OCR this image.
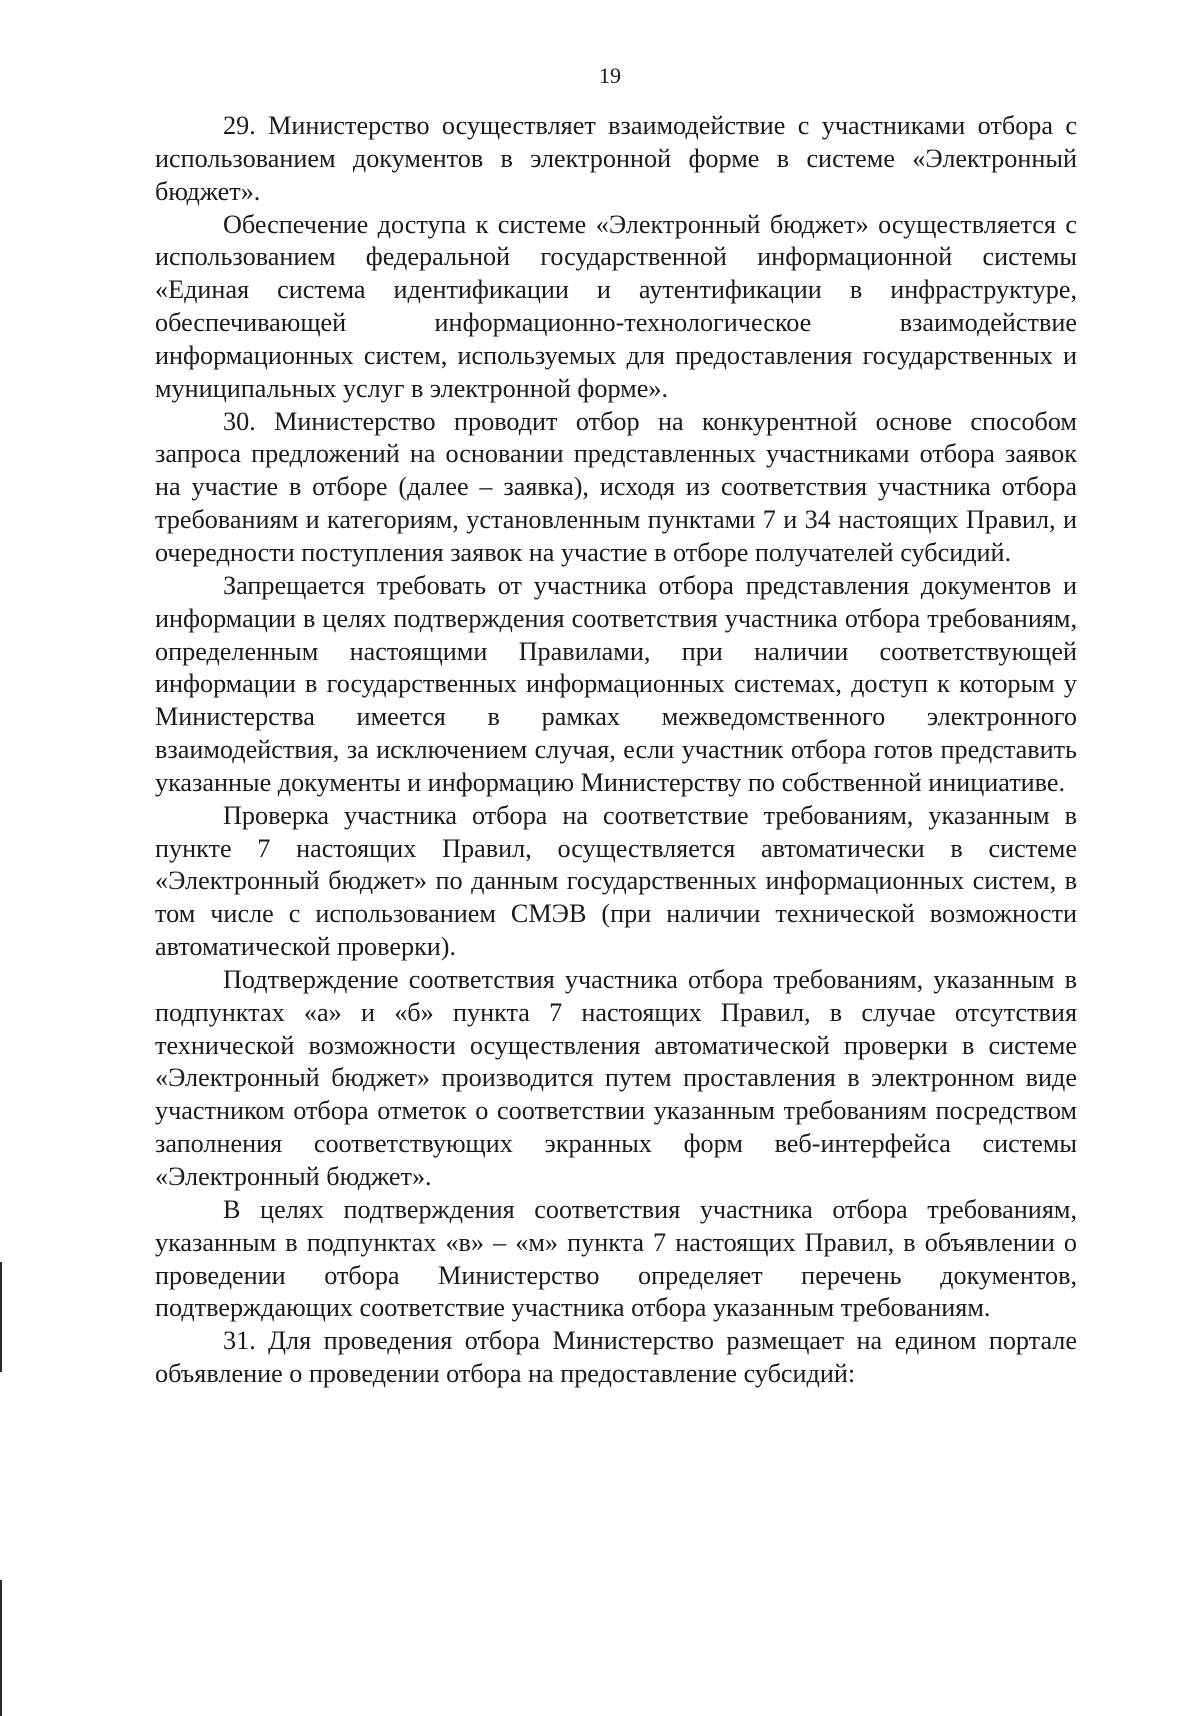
19

29. Министерство осуществляет взаимодействие с участниками отбора с использованием документов в электронной форме в системе «Электронный бюджет».

Обеспечение доступа к системе «Электронный бюджет» осуществляется с использованием федеральной государственной информационной системы «Единая система идентификации и аутентификации в инфраструктуре, обеспечивающей информационно-технологическое взаимодействие информационных систем, используемых для предоставления государственных и муниципальных услуг в электронной форме».

30. Министерство проводит отбор на конкурентной основе способом запроса предложений на основании представленных участниками отбора заявок на участие в отборе (далее – заявка), исходя из соответствия участника отбора требованиям и категориям, установленным пунктами 7 и 34 настоящих Правил, и очередности поступления заявок на участие в отборе получателей субсидий.

Запрещается требовать от участника отбора представления документов и информации в целях подтверждения соответствия участника отбора требованиям, определенным настоящими Правилами, при наличии соответствующей информации в государственных информационных системах, доступ к которым у Министерства имеется в рамках межведомственного электронного взаимодействия, за исключением случая, если участник отбора готов представить указанные документы и информацию Министерству по собственной инициативе.

Проверка участника отбора на соответствие требованиям, указанным в пункте 7 настоящих Правил, осуществляется автоматически в системе «Электронный бюджет» по данным государственных информационных систем, в том числе с использованием СМЭВ (при наличии технической возможности автоматической проверки).

Подтверждение соответствия участника отбора требованиям, указанным в подпунктах «а» и «б» пункта 7 настоящих Правил, в случае отсутствия технической возможности осуществления автоматической проверки в системе «Электронный бюджет» производится путем проставления в электронном виде участником отбора отметок о соответствии указанным требованиям посредством заполнения соответствующих экранных форм веб-интерфейса системы «Электронный бюджет».

В целях подтверждения соответствия участника отбора требованиям, указанным в подпунктах «в» – «м» пункта 7 настоящих Правил, в объявлении о проведении отбора Министерство определяет перечень документов, подтверждающих соответствие участника отбора указанным требованиям.

31. Для проведения отбора Министерство размещает на едином портале объявление о проведении отбора на предоставление субсидий:
